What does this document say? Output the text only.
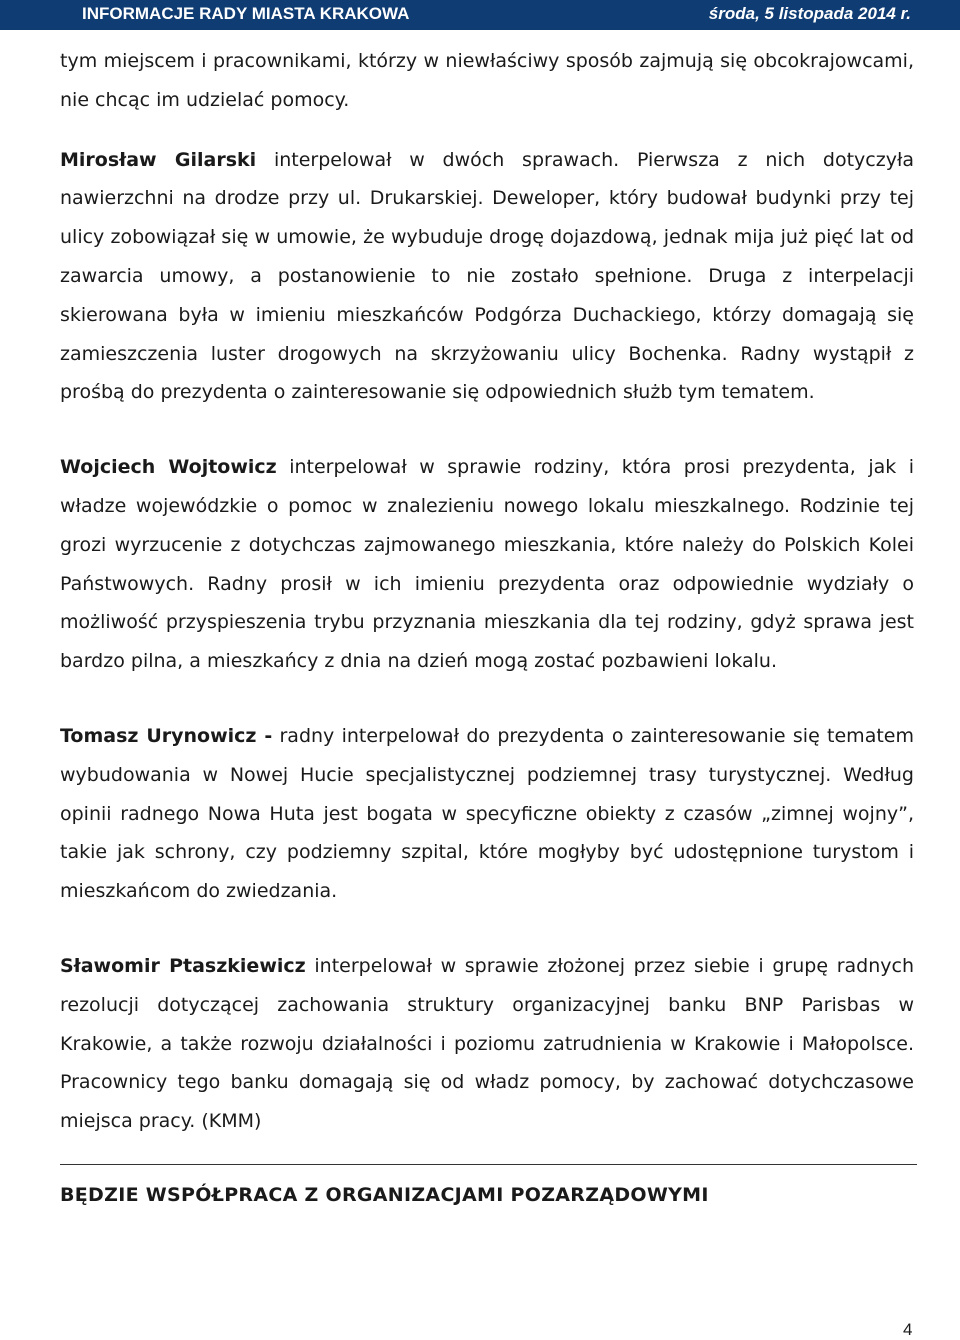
INFORMACJE RADY MIASTA KRAKOWA	środa, 5 listopada 2014 r.

tym miejscem i pracownikami, którzy w niewłaściwy sposób zajmują się obcokrajowcami, nie chcąc im udzielać pomocy.

Mirosław Gilarski interpelował w dwóch sprawach. Pierwsza z nich dotyczyła nawierzchni na drodze przy ul. Drukarskiej. Deweloper, który budował budynki przy tej ulicy zobowiązał się w umowie, że wybuduje drogę dojazdową, jednak mija już pięć lat od zawarcia umowy, a postanowienie to nie zostało spełnione. Druga z interpelacji skierowana była w imieniu mieszkańców Podgórza Duchackiego, którzy domagają się zamieszczenia luster drogowych na skrzyżowaniu ulicy Bochenka. Radny wystąpił z prośbą do prezydenta o zainteresowanie się odpowiednich służb tym tematem.

Wojciech Wojtowicz interpelował w sprawie rodziny, która prosi prezydenta, jak i władze wojewódzkie o pomoc w znalezieniu nowego lokalu mieszkalnego. Rodzinie tej grozi wyrzucenie z dotychczas zajmowanego mieszkania, które należy do Polskich Kolei Państwowych. Radny prosił w ich imieniu prezydenta oraz odpowiednie wydziały o możliwość przyspieszenia trybu przyznania mieszkania dla tej rodziny, gdyż sprawa jest bardzo pilna, a mieszkańcy z dnia na dzień mogą zostać pozbawieni lokalu.

Tomasz Urynowicz - radny interpelował do prezydenta o zainteresowanie się tematem wybudowania w Nowej Hucie specjalistycznej podziemnej trasy turystycznej. Według opinii radnego Nowa Huta jest bogata w specyficzne obiekty z czasów „zimnej wojny”, takie jak schrony, czy podziemny szpital, które mogłyby być udostępnione turystom i mieszkańcom do zwiedzania.

Sławomir Ptaszkiewicz interpelował w sprawie złożonej przez siebie i grupę radnych rezolucji dotyczącej zachowania struktury organizacyjnej banku BNP Parisbas w Krakowie, a także rozwoju działalności i poziomu zatrudnienia w Krakowie i Małopolsce. Pracownicy tego banku domagają się od władz pomocy, by zachować dotychczasowe miejsca pracy. (KMM)

BĘDZIE WSPÓŁPRACA Z ORGANIZACJAMI POZARZĄDOWYMI
4
